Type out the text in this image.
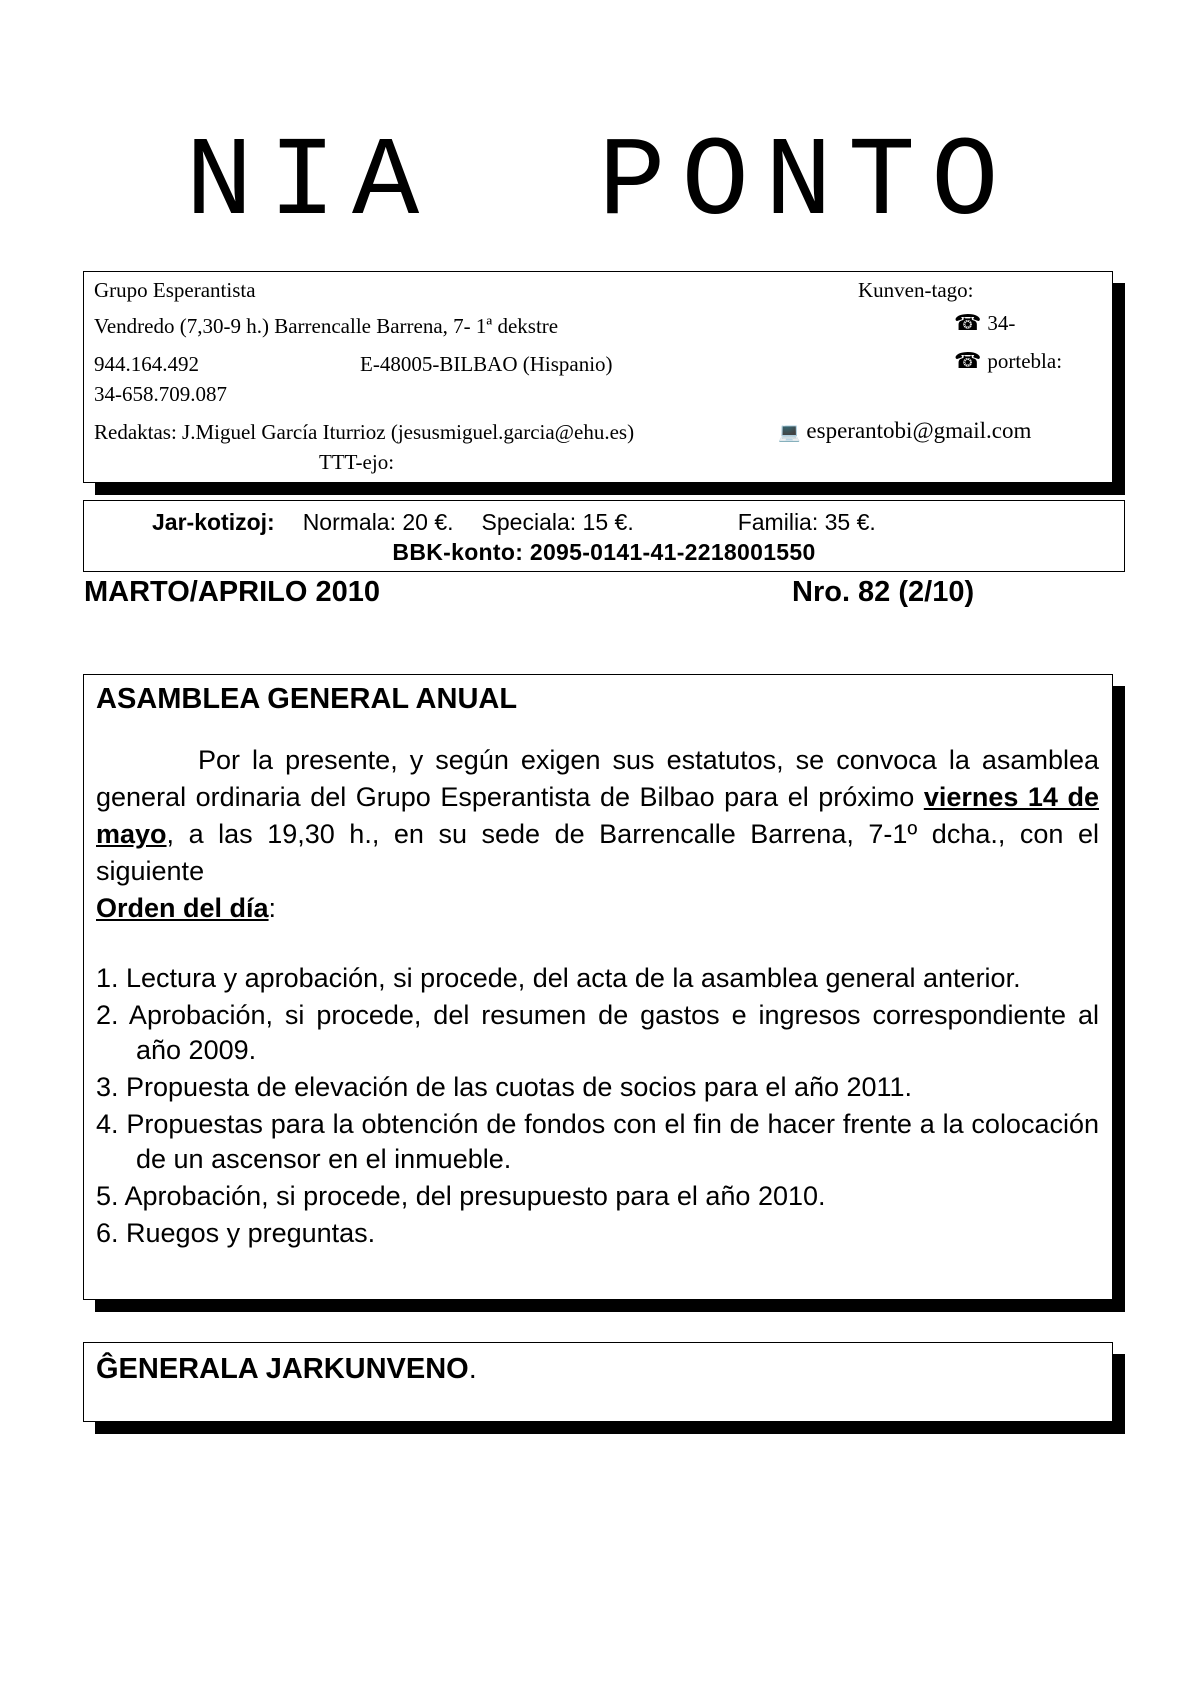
NIA PONTO
Grupo Esperantista	Kunven-tago:
Vendredo (7,30-9 h.) Barrencalle Barrena, 7- 1ª dekstre	☎ 34-
944.164.492	E-48005-BILBAO (Hispanio)	☎ portebla:
34-658.709.087
Redaktas: J.Miguel García Iturrioz (jesusmiguel.garcia@ehu.es)	💻 esperantobi@gmail.com
TTT-ejo:
Jar-kotizoj: Normala: 20 €. Speciala: 15 €.	Familia: 35 €.
BBK-konto: 2095-0141-41-2218001550
MARTO/APRILO 2010	Nro. 82 (2/10)
ASAMBLEA GENERAL ANUAL

Por la presente, y según exigen sus estatutos, se convoca la asamblea general ordinaria del Grupo Esperantista de Bilbao para el próximo viernes 14 de mayo, a las 19,30 h., en su sede de Barrencalle Barrena, 7-1º dcha., con el siguiente
Orden del día:

1. Lectura y aprobación, si procede, del acta de la asamblea general anterior.
2. Aprobación, si procede, del resumen de gastos e ingresos correspondiente al año 2009.
3. Propuesta de elevación de las cuotas de socios para el año 2011.
4. Propuestas para la obtención de fondos con el fin de hacer frente a la colocación de un ascensor en el inmueble.
5. Aprobación, si procede, del presupuesto para el año 2010.
6. Ruegos y preguntas.
ĜENERALA JARKUNVENO.
